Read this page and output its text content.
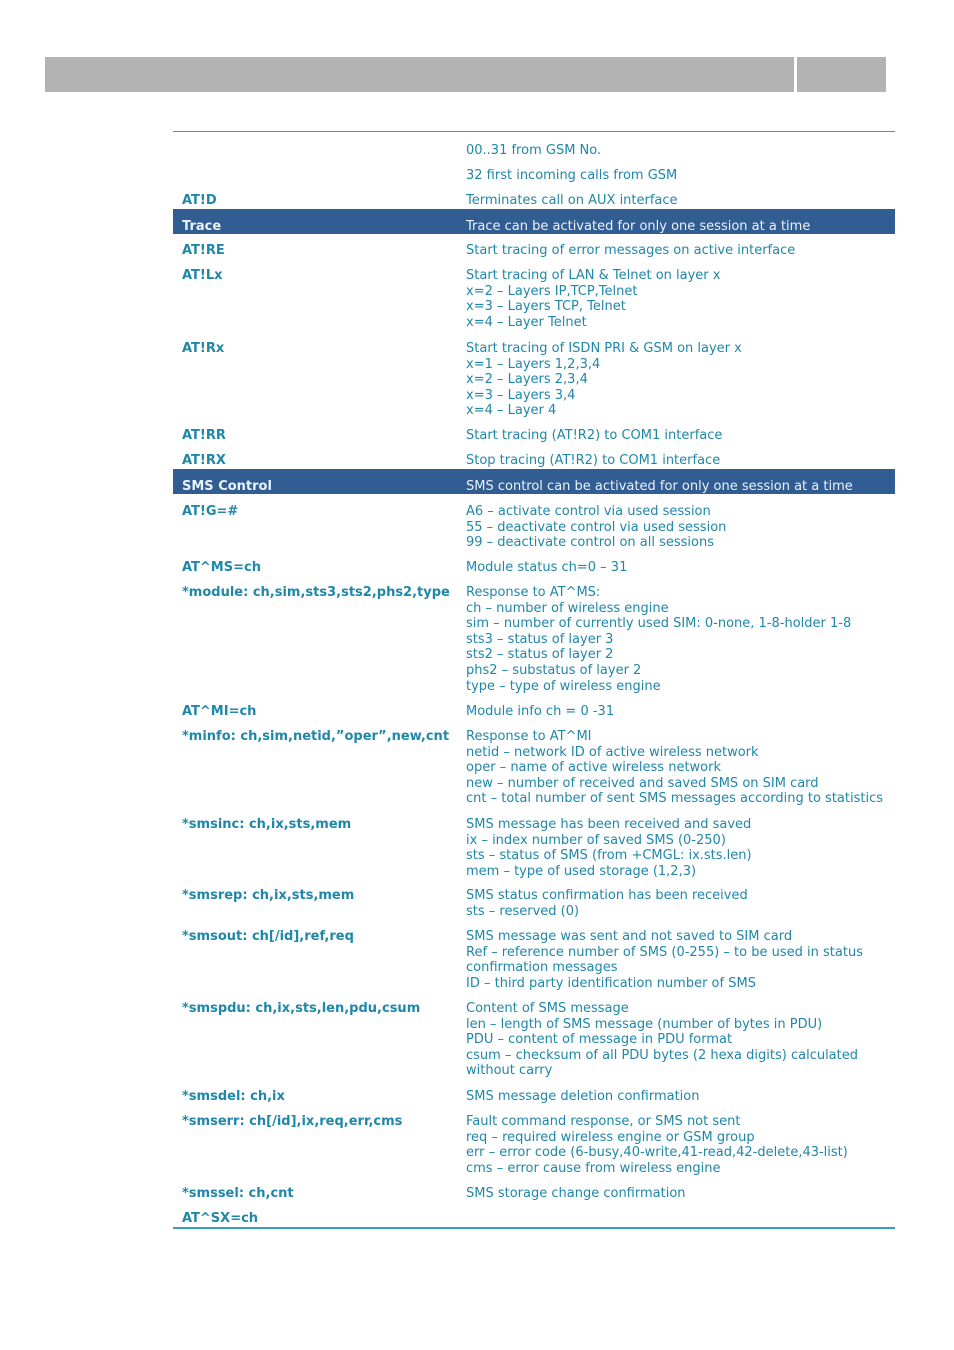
00..31 from GSM No.
32 first incoming calls from GSM
AT!D	Terminates call on AUX interface
Trace	Trace can be activated for only one session at a time
AT!RE	Start tracing of error messages on active interface
AT!Lx	Start tracing of LAN & Telnet on layer x
x=2 – Layers IP,TCP,Telnet
x=3 – Layers TCP, Telnet
x=4 – Layer Telnet
AT!Rx	Start tracing of ISDN PRI & GSM on layer x
x=1 – Layers 1,2,3,4
x=2 – Layers 2,3,4
x=3 – Layers 3,4
x=4 – Layer 4
AT!RR	Start tracing (AT!R2) to COM1 interface
AT!RX	Stop tracing (AT!R2) to COM1 interface
SMS Control	SMS control can be activated for only one session at a time
AT!G=#	A6 – activate control via used session
55 – deactivate control via used session
99 – deactivate control on all sessions
AT^MS=ch	Module status ch=0 – 31
*module: ch,sim,sts3,sts2,phs2,type	Response to AT^MS:
ch – number of wireless engine
sim – number of currently used SIM: 0-none, 1-8-holder 1-8
sts3 – status of layer 3
sts2 – status of layer 2
phs2 – substatus of layer 2
type – type of wireless engine
AT^MI=ch	Module info ch = 0 -31
*minfo: ch,sim,netid,”oper”,new,cnt	Response to AT^MI
netid – network ID of active wireless network
oper – name of active wireless network
new – number of received and saved SMS on SIM card
cnt – total number of sent SMS messages according to statistics
*smsinc: ch,ix,sts,mem	SMS message has been received and saved
ix – index number of saved SMS (0-250)
sts – status of SMS (from +CMGL: ix.sts.len)
mem – type of used storage (1,2,3)
*smsrep: ch,ix,sts,mem	SMS status confirmation has been received
sts – reserved (0)
*smsout: ch[/id],ref,req	SMS message was sent and not saved to SIM card
Ref – reference number of SMS (0-255) – to be used in status
confirmation messages
ID – third party identification number of SMS
*smspdu: ch,ix,sts,len,pdu,csum	Content of SMS message
len – length of SMS message (number of bytes in PDU)
PDU – content of message in PDU format
csum – checksum of all PDU bytes (2 hexa digits) calculated
without carry
*smsdel: ch,ix	SMS message deletion confirmation
*smserr: ch[/id],ix,req,err,cms	Fault command response, or SMS not sent
req – required wireless engine or GSM group
err – error code (6-busy,40-write,41-read,42-delete,43-list)
cms – error cause from wireless engine
*smssel: ch,cnt	SMS storage change confirmation
AT^SX=ch
